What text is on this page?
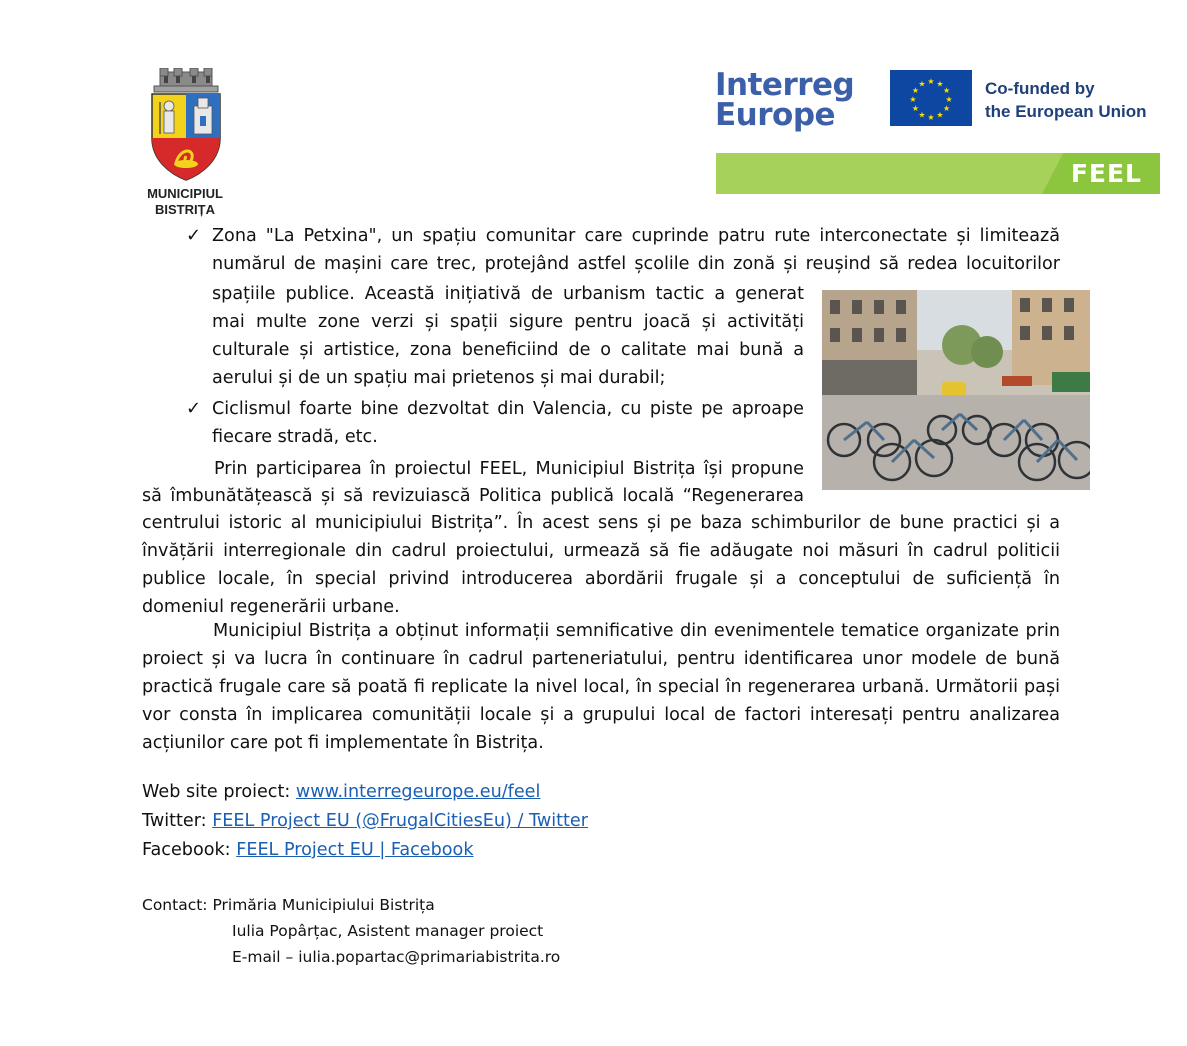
MUNICIPIUL
BISTRIȚA
Interreg
Europe
★ ★
★
★
★
★
★
★
★
★
★
★	Co-funded by
the European Union
FEEL
✓ Zona "La Petxina", un spațiu comunitar care cuprinde patru rute interconectate și limitează
numărul de mașini care trec, protejând astfel școlile din zonă și reușind să redea locuitorilor
spațiile publice. Această inițiativă de urbanism tactic a generat mai multe zone verzi și spații sigure pentru joacă și activități culturale și artistice, zona beneficiind de o calitate mai bună a aerului și de un spațiu mai prietenos și mai durabil;
✓ Ciclismul foarte bine dezvoltat din Valencia, cu piste pe aproape fiecare stradă, etc.
Prin participarea în proiectul FEEL, Municipiul Bistrița își propune
să îmbunătățească și să revizuiască Politica publică locală “Regenerarea
centrului istoric al municipiului Bistrița”. În acest sens și pe baza schimburilor de bune practici și a învățării interregionale din cadrul proiectului, urmează să fie adăugate noi măsuri în cadrul politicii publice locale, în special privind introducerea abordării frugale și a conceptului de suficiență în domeniul regenerării urbane.
Municipiul Bistrița a obținut informații semnificative din evenimentele tematice organizate prin proiect și va lucra în continuare în cadrul parteneriatului, pentru identificarea unor modele de bună practică frugale care să poată fi replicate la nivel local, în special în regenerarea urbană. Următorii pași vor consta în implicarea comunității locale și a grupului local de factori interesați pentru analizarea acțiunilor care pot fi implementate în Bistrița.
Web site proiect: www.interregeurope.eu/feel
Twitter: FEEL Project EU (@FrugalCitiesEu) / Twitter
Facebook: FEEL Project EU | Facebook
Contact: Primăria Municipiului Bistrița
Iulia Popârțac, Asistent manager proiect
E-mail – iulia.popartac@primariabistrita.ro
